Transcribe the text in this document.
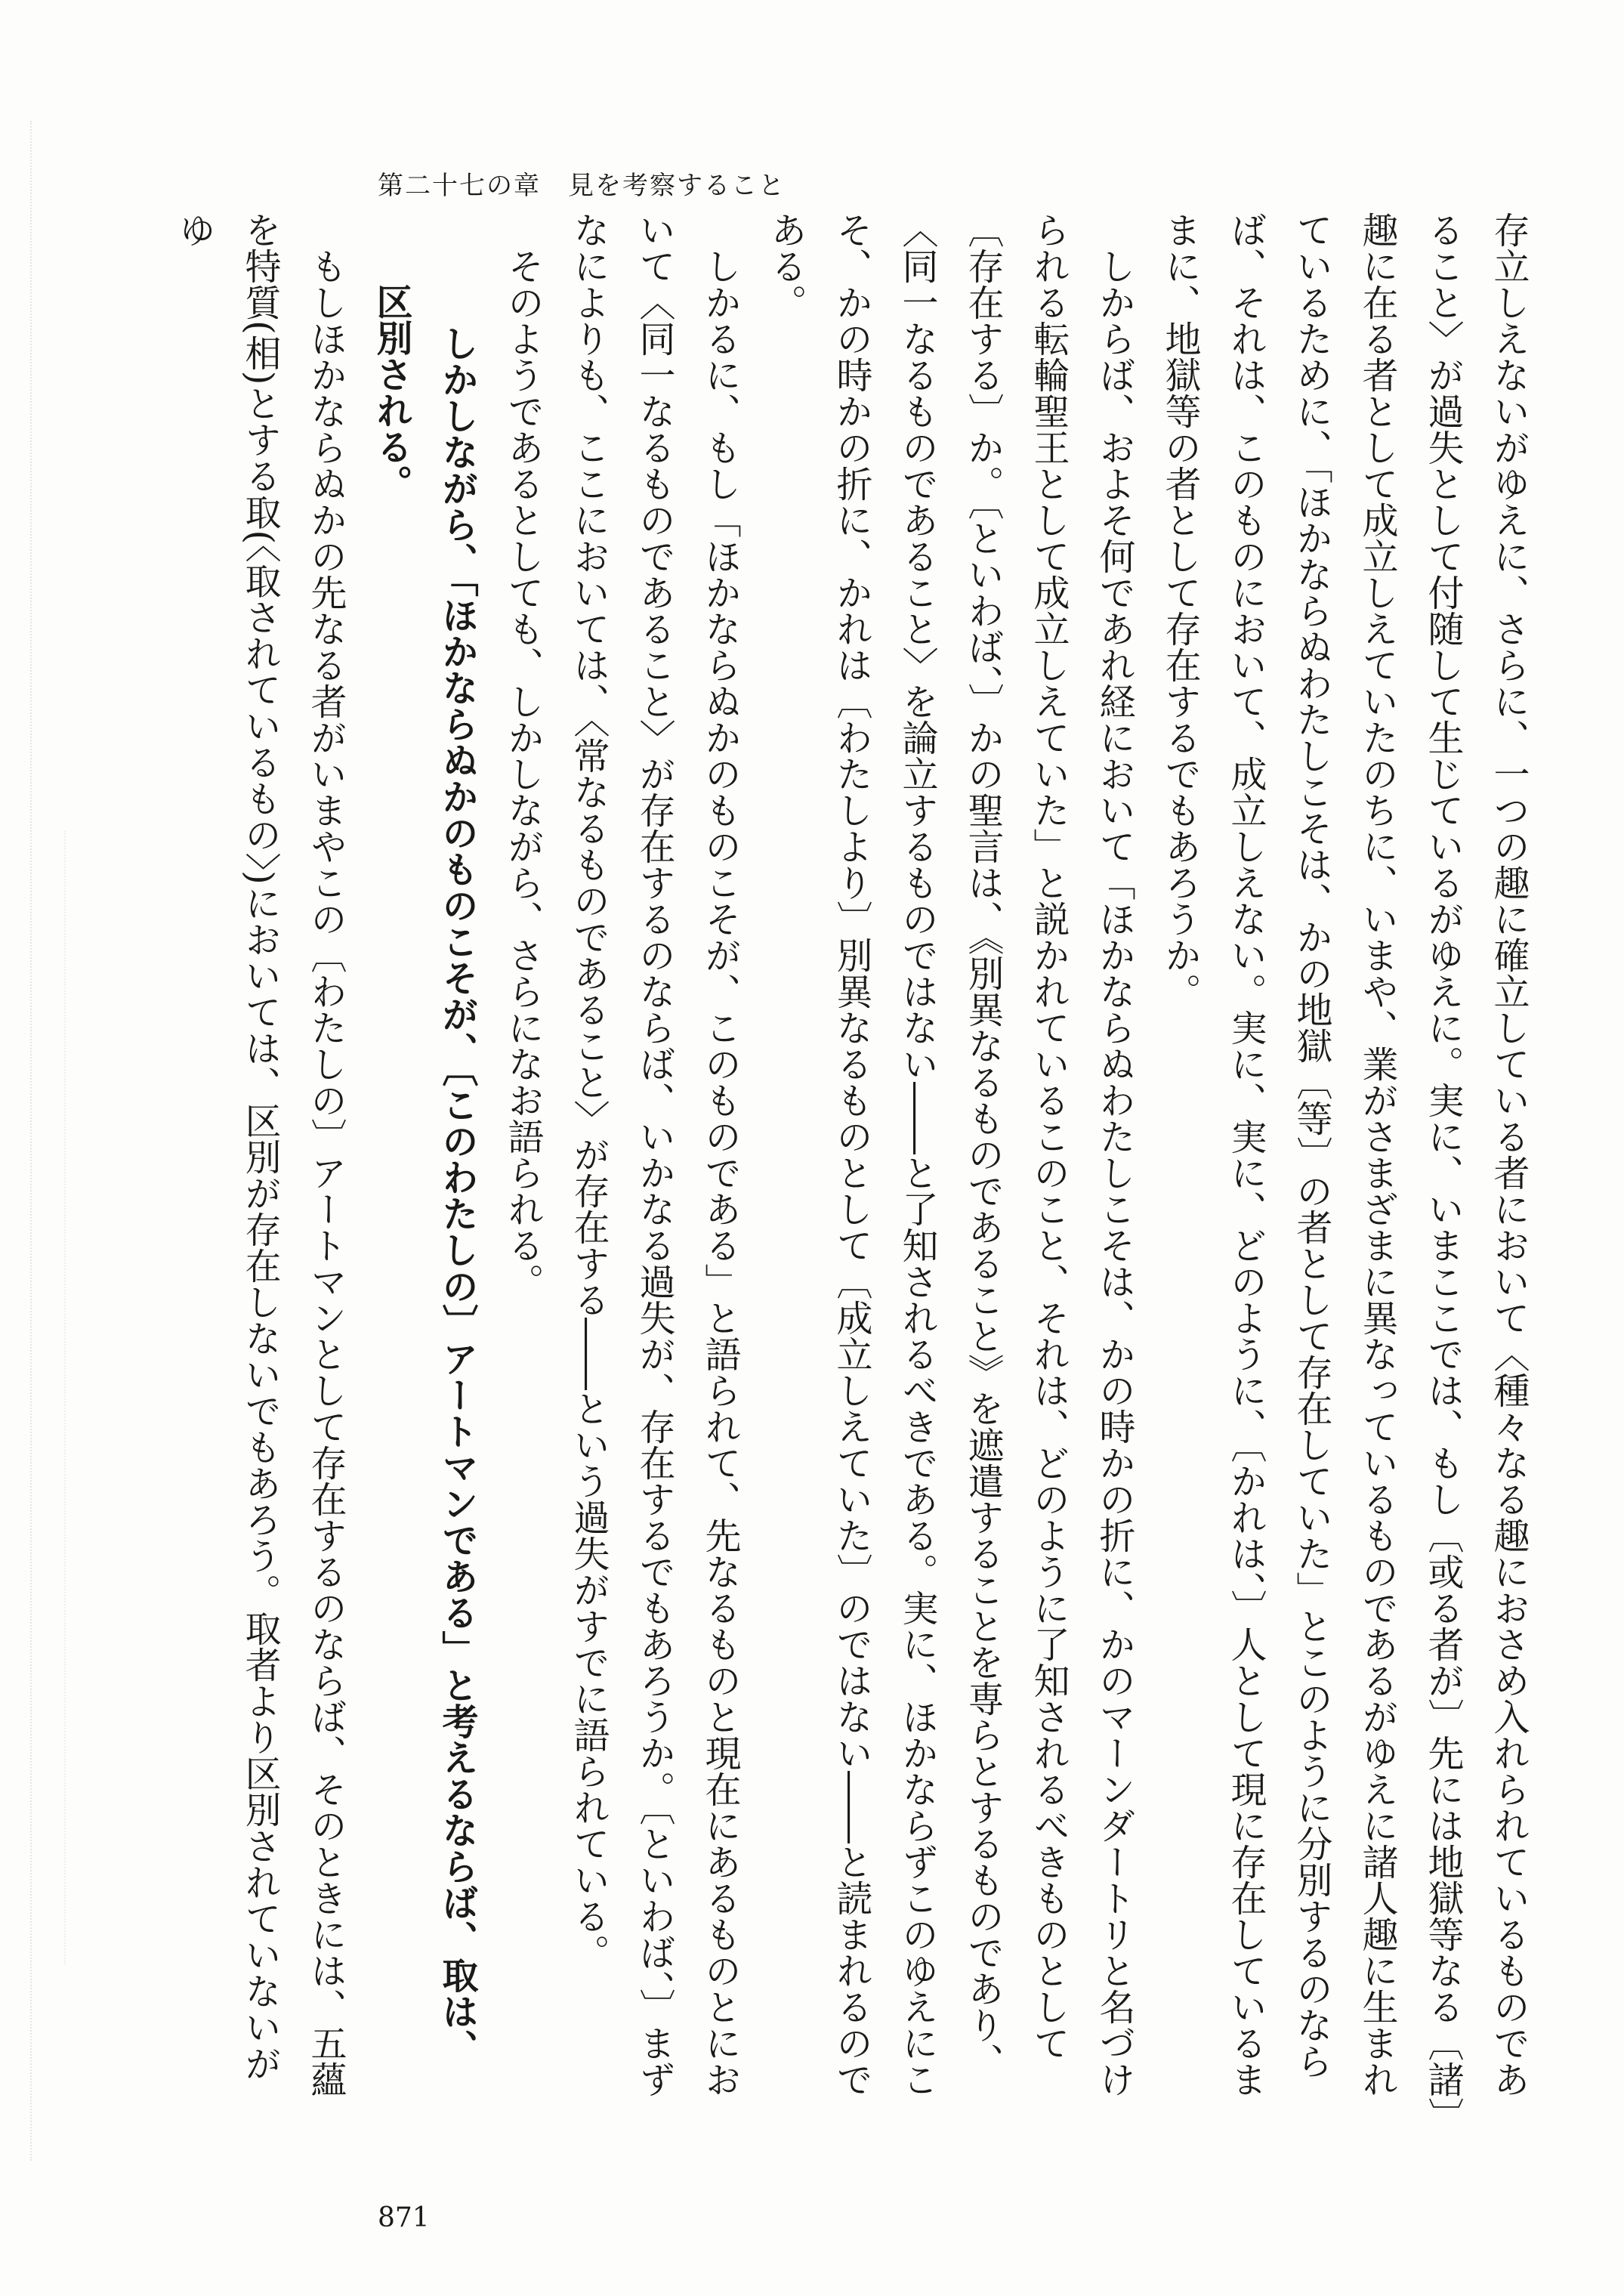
第二十七の章　見を考察すること

存立しえないがゆえに、さらに、一つの趣に確立している者において〈種々なる趣におさめ入れられているものであること〉が過失として付随して生じているがゆえに。実に、いまここでは、もし〔或る者が〕先には地獄等なる〔諸〕趣に在る者として成立しえていたのちに、いまや、業がさまざまに異なっているものであるがゆえに諸人趣に生まれているために、「ほかならぬわたしこそは、かの地獄〔等〕の者として存在していた」とこのように分別するのならば、それは、このものにおいて、成立しえない。実に、実に、どのように、〔かれは、〕人として現に存在しているままに、地獄等の者として存在するでもあろうか。

しからば、およそ何であれ経において「ほかならぬわたしこそは、かの時かの折に、かのマーンダートリと名づけられる転輪聖王として成立しえていた」と説かれているこのこと、それは、どのように了知されるべきものとして〔存在する〕か。〔といわば、〕かの聖言は、《別異なるものであること》を遮遣することを専らとするものであり、〈同一なるものであること〉を論立するものではない――と了知されるべきである。実に、ほかならずこのゆえにこそ、かの時かの折に、かれは〔わたしより〕別異なるものとして〔成立しえていた〕のではない――と読まれるのである。

しかるに、もし「ほかならぬかのものこそが、このものである」と語られて、先なるものと現在にあるものとにおいて〈同一なるものであること〉が存在するのならば、いかなる過失が、存在するでもあろうか。〔といわば、〕まずなによりも、ここにおいては、〈常なるものであること〉が存在する――という過失がすでに語られている。

そのようであるとしても、しかしながら、さらになお語られる。

しかしながら、「ほかならぬかのものこそが、〔このわたしの〕アートマンである」と考えるならば、取は、

区別される。

もしほかならぬかの先なる者がいまやこの〔わたしの〕アートマンとして存在するのならば、そのときには、五蘊を特質(相)とする取(〈取されているもの〉)においては、区別が存在しないでもあろう。取者より区別されていないがゆ

871
